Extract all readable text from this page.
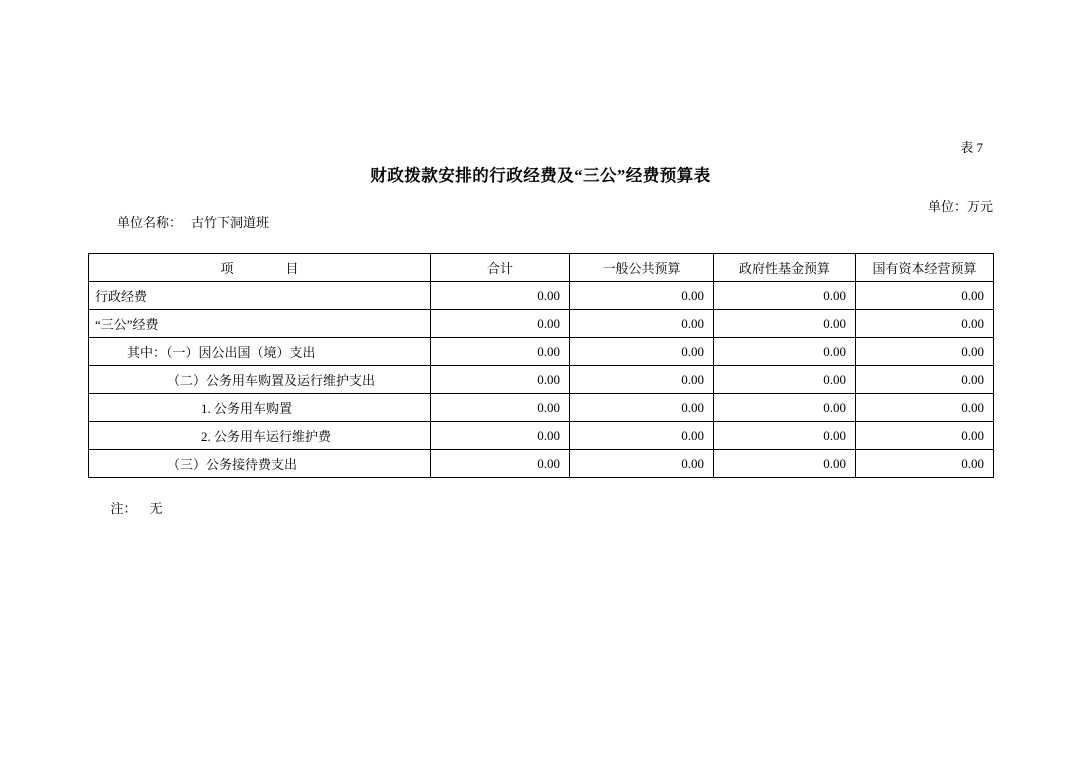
表 7
财政拨款安排的行政经费及“三公”经费预算表

单位名称： 古竹下洞道班

单位：万元
项　　　　目	合计	一般公共预算	政府性基金预算	国有资本经营预算
行政经费	0.00	0.00	0.00	0.00
“三公”经费	0.00	0.00	0.00	0.00
其中：（一）因公出国（境）支出	0.00	0.00	0.00	0.00
（二）公务用车购置及运行维护支出	0.00	0.00	0.00	0.00
1. 公务用车购置	0.00	0.00	0.00	0.00
2. 公务用车运行维护费	0.00	0.00	0.00	0.00
（三）公务接待费支出	0.00	0.00	0.00	0.00

注： 无
